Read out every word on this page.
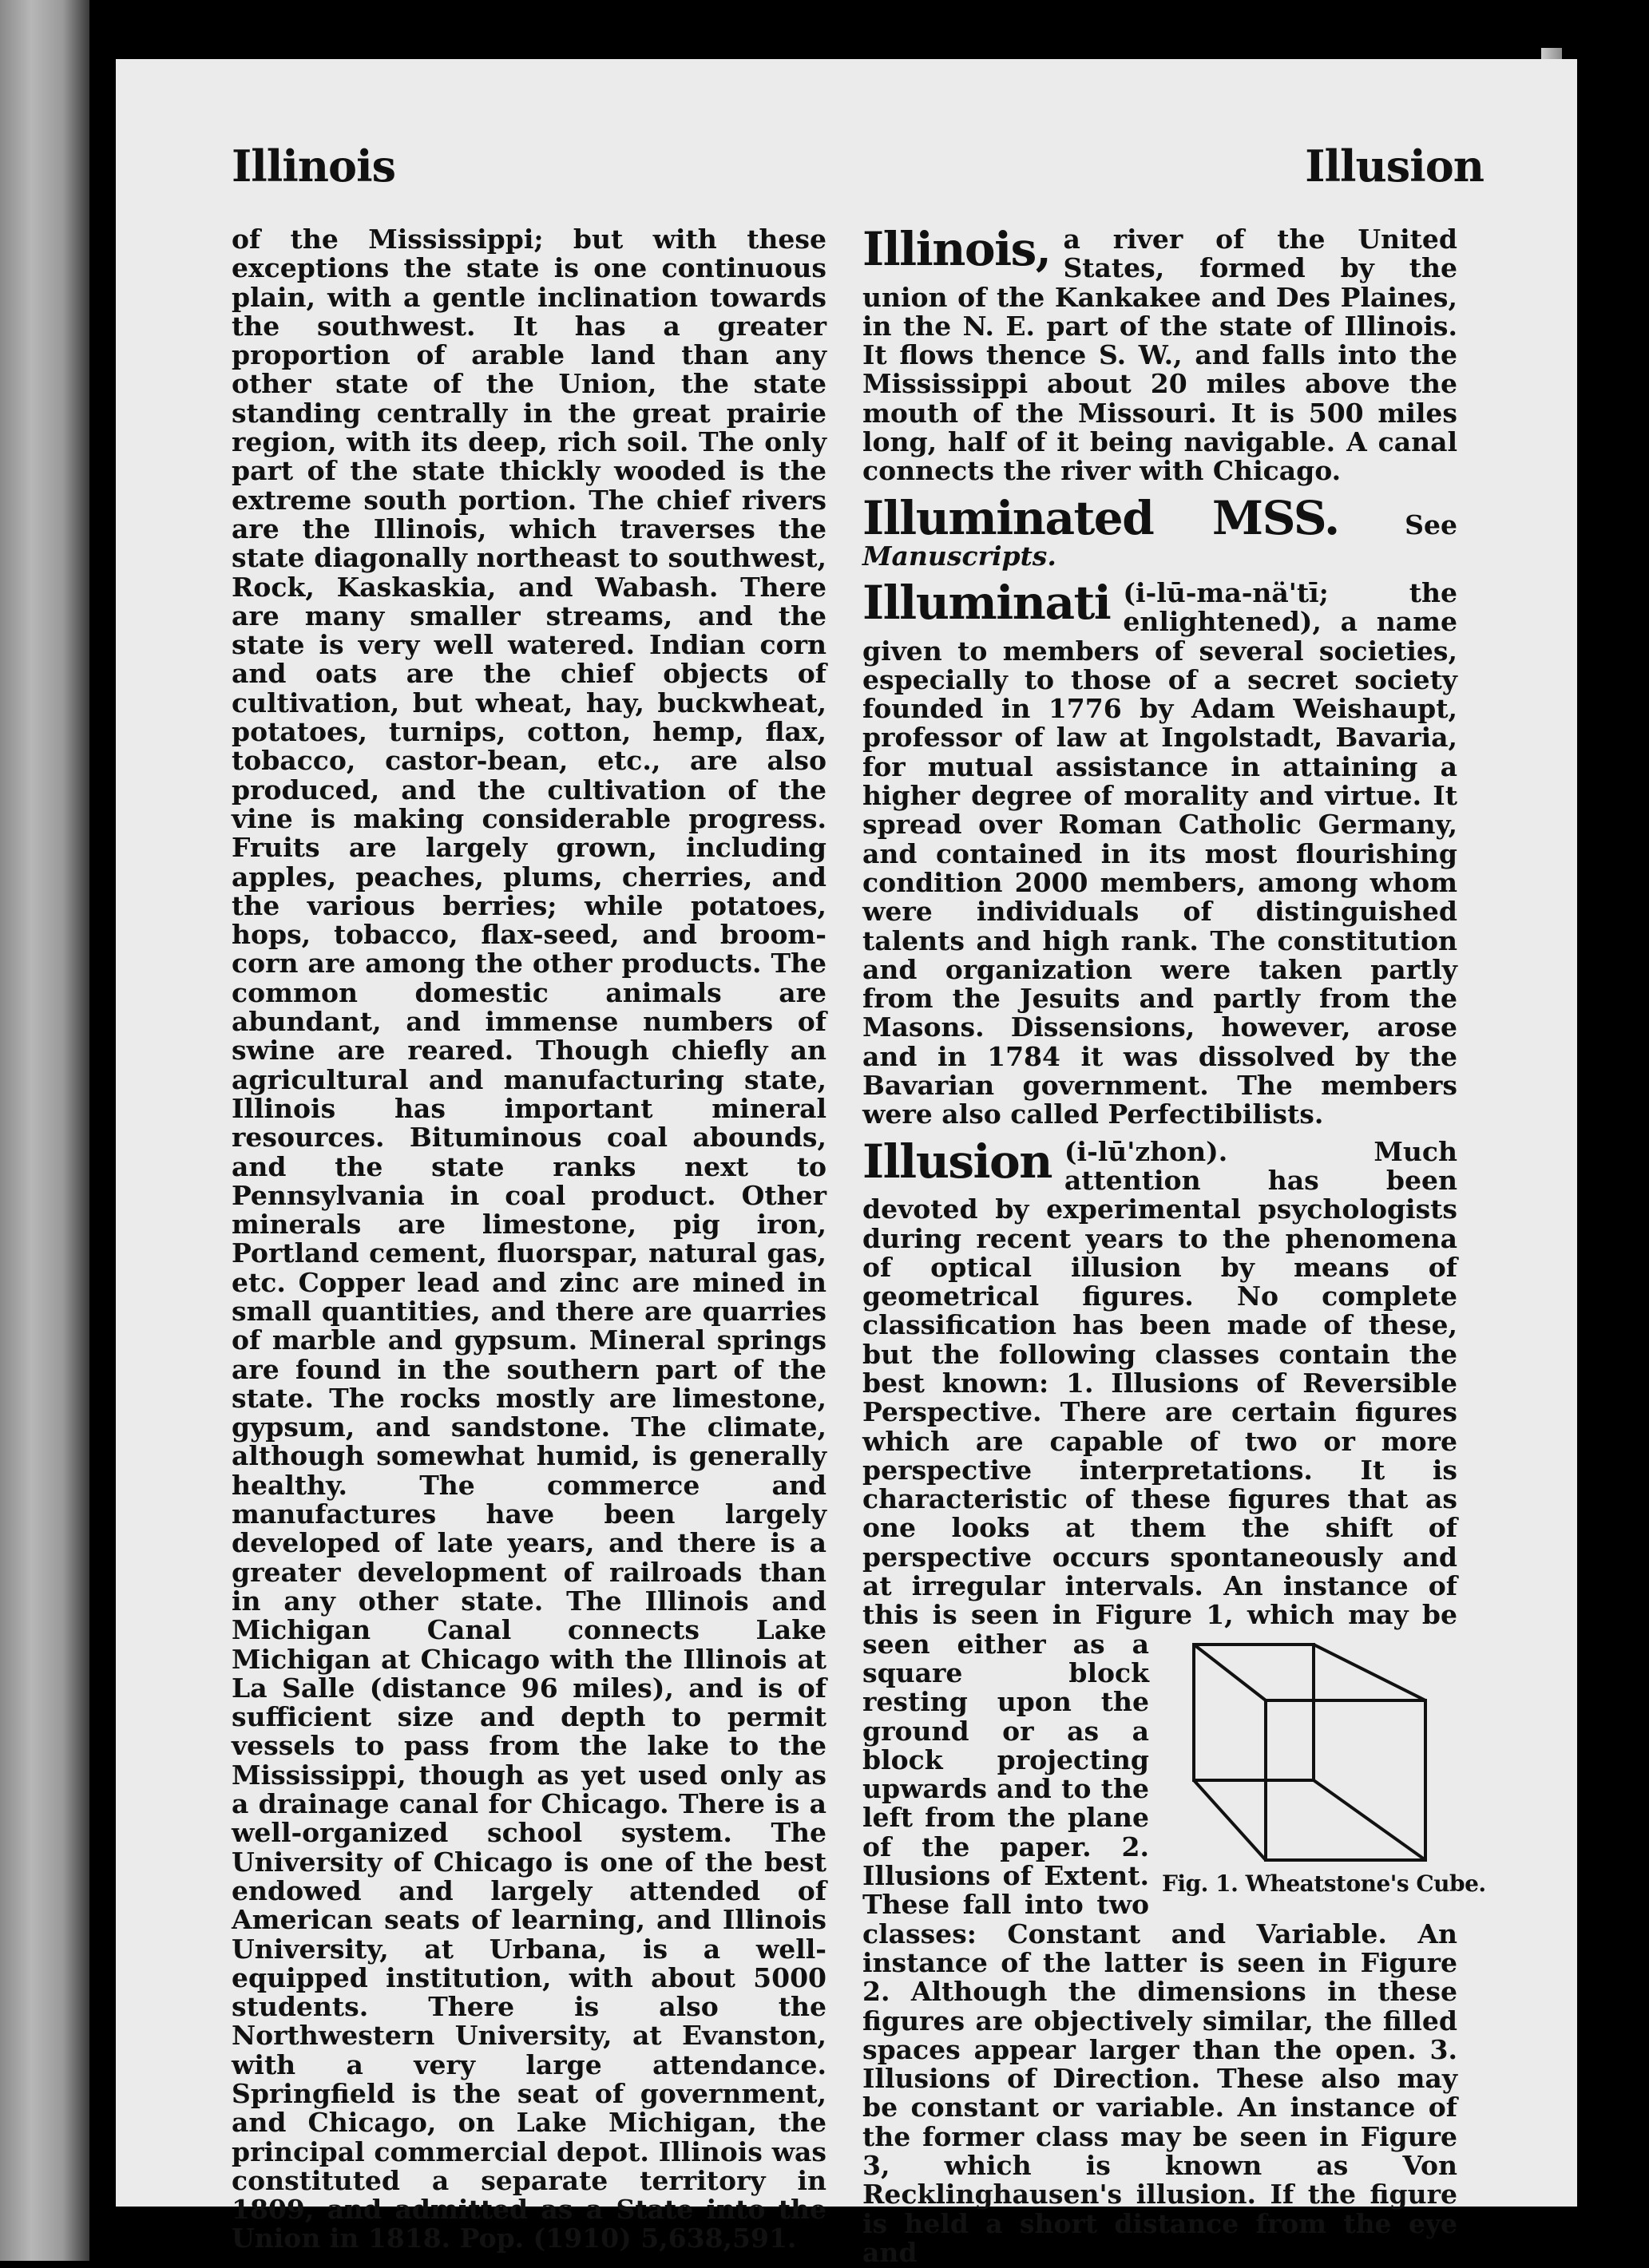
Illinois	Illusion

of the Mississippi; but with these exceptions the state is one continuous plain, with a gentle inclination towards the southwest. It has a greater proportion of arable land than any other state of the Union, the state standing centrally in the great prairie region, with its deep, rich soil. The only part of the state thickly wooded is the extreme south portion. The chief rivers are the Illinois, which traverses the state diagonally northeast to southwest, Rock, Kaskaskia, and Wabash. There are many smaller streams, and the state is very well watered. Indian corn and oats are the chief objects of cultivation, but wheat, hay, buckwheat, potatoes, turnips, cotton, hemp, flax, tobacco, castor-bean, etc., are also produced, and the cultivation of the vine is making considerable progress. Fruits are largely grown, including apples, peaches, plums, cherries, and the various berries; while potatoes, hops, tobacco, flax-seed, and broom-corn are among the other products. The common domestic animals are abundant, and immense numbers of swine are reared. Though chiefly an agricultural and manufacturing state, Illinois has important mineral resources. Bituminous coal abounds, and the state ranks next to Pennsylvania in coal product. Other minerals are limestone, pig iron, Portland cement, fluorspar, natural gas, etc. Copper lead and zinc are mined in small quantities, and there are quarries of marble and gypsum. Mineral springs are found in the southern part of the state. The rocks mostly are limestone, gypsum, and sandstone. The climate, although somewhat humid, is generally healthy. The commerce and manufactures have been largely developed of late years, and there is a greater development of railroads than in any other state. The Illinois and Michigan Canal connects Lake Michigan at Chicago with the Illinois at La Salle (distance 96 miles), and is of sufficient size and depth to permit vessels to pass from the lake to the Mississippi, though as yet used only as a drainage canal for Chicago. There is a well-organized school system. The University of Chicago is one of the best endowed and largely attended of American seats of learning, and Illinois University, at Urbana, is a well-equipped institution, with about 5000 students. There is also the Northwestern University, at Evanston, with a very large attendance. Springfield is the seat of government, and Chicago, on Lake Michigan, the principal commercial depot. Illinois was constituted a separate territory in 1809, and admitted as a State into the Union in 1818. Pop. (1910) 5,638,591.

Illinois, a river of the United States, formed by the union of the Kankakee and Des Plaines, in the N. E. part of the state of Illinois. It flows thence S. W., and falls into the Mississippi about 20 miles above the mouth of the Missouri. It is 500 miles long, half of it being navigable. A canal connects the river with Chicago.

Illuminated MSS. See Manuscripts.

Illuminati (i-lū-ma-nä'tī; the enlightened), a name given to members of several societies, especially to those of a secret society founded in 1776 by Adam Weishaupt, professor of law at Ingolstadt, Bavaria, for mutual assistance in attaining a higher degree of morality and virtue. It spread over Roman Catholic Germany, and contained in its most flourishing condition 2000 members, among whom were individuals of distinguished talents and high rank. The constitution and organization were taken partly from the Jesuits and partly from the Masons. Dissensions, however, arose and in 1784 it was dissolved by the Bavarian government. The members were also called Perfectibilists.

Illusion (i-lū'zhon). Much attention has been devoted by experimental psychologists during recent years to the phenomena of optical illusion by means of geometrical figures. No complete classification has been made of these, but the following classes contain the best known: 1. Illusions of Reversible Perspective. There are certain figures which are capable of two or more perspective interpretations. It is characteristic of these figures that as one looks at them the shift of perspective occurs spontaneously and at irregular intervals. An instance of this is seen in Figure 1,
Fig. 1. Wheatstone's Cube.
which may be seen either as a square block resting upon the ground or as a block projecting upwards and to the left from the plane of the paper. 2. Illusions of Extent. These fall into two classes: Constant and Variable. An instance of the latter is seen in Figure 2. Although the dimensions in these figures are objectively similar, the filled spaces appear larger than the open. 3. Illusions of Direction. These also may be constant or variable. An instance of the former class may be seen in Figure 3, which is known as Von Recklinghausen's illusion. If the figure is held a short distance from the eye and
